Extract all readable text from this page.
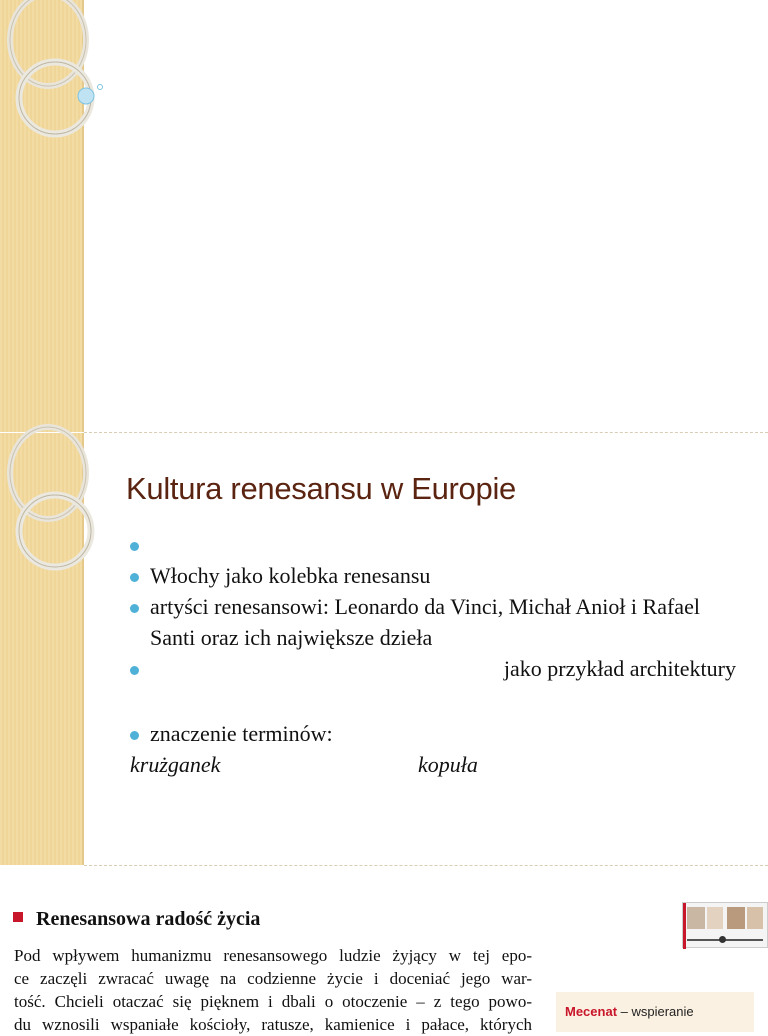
Kultura renesansu w Europie

Włochy jako kolebka renesansu
artyści renesansowi: Leonardo da Vinci, Michał Anioł i Rafael Santi oraz ich największe dzieła
jako przykład architektury
znaczenie terminów:
krużganek	kopuła
Renesansowa radość życia
Pod wpływem humanizmu renesansowego ludzie żyjący w tej epo-
ce zaczęli zwracać uwagę na codzienne życie i doceniać jego war-
tość. Chcieli otaczać się pięknem i dbali o otoczenie – z tego powo-
du wznosili wspaniałe kościoły, ratusze, kamienice i pałace, których
Mecenat – wspieranie
